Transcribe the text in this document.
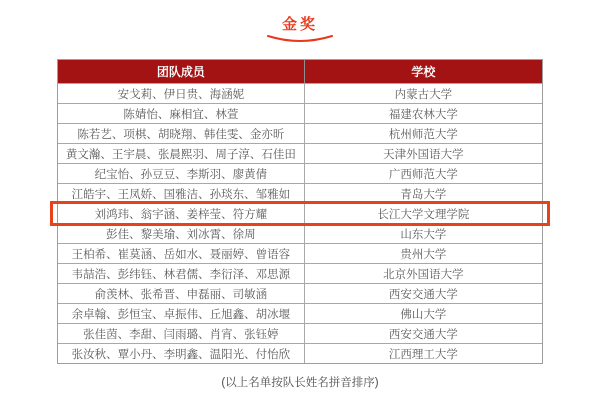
金奖
团队成员	学校
安戈莉、伊日贵、海涵妮	内蒙古大学
陈婧怡、麻相宜、林萱	福建农林大学
陈若艺、项棋、胡晓翔、韩佳雯、金亦昕	杭州师范大学
黄文瀚、王宇晨、张晨熙羽、周子淳、石佳田	天津外国语大学
纪宝怡、孙豆豆、李斯羽、廖黄倩	广西师范大学
江皓宇、王凤娇、国雅洁、孙琰东、邹雅如	青岛大学
刘鸿玮、翁宇涵、姜梓莹、符方耀	长江大学文理学院
彭佳、黎美瑜、刘冰霄、徐周	山东大学
王柏希、崔莫涵、岳如水、聂丽婷、曾语容	贵州大学
韦喆浩、彭纬钰、林君儒、李衍泽、邓思源	北京外国语大学
俞羡林、张希晋、申磊丽、司敏涵	西安交通大学
余卓翰、彭恒宝、卓振伟、丘旭鑫、胡冰堰	佛山大学
张佳茵、李甜、闫雨璐、肖宵、张钰婷	西安交通大学
张汝秋、覃小丹、李明鑫、温阳光、付怡欣	江西理工大学
(以上名单按队长姓名拼音排序)
